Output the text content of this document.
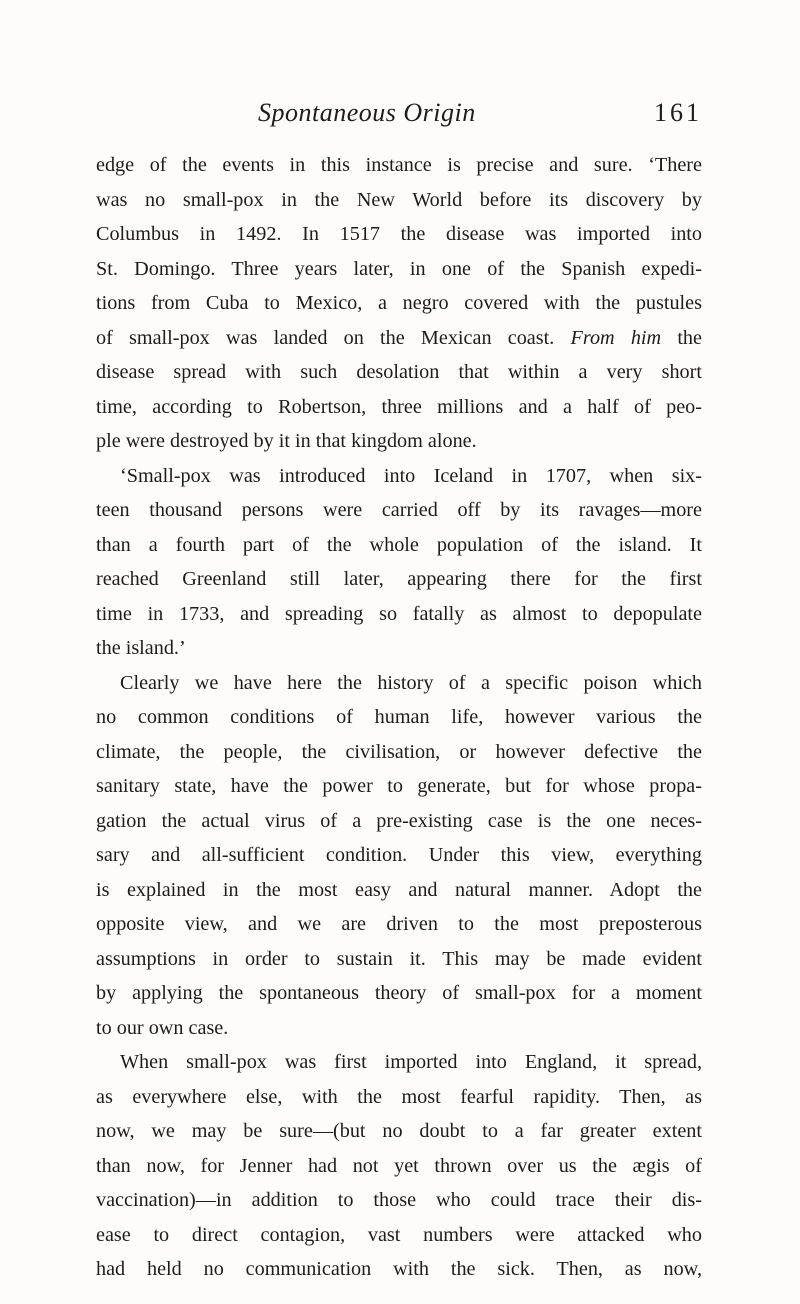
Spontaneous Origin	161
edge of the events in this instance is precise and sure. ‘There
was no small-pox in the New World before its discovery by
Columbus in 1492. In 1517 the disease was imported into
St. Domingo. Three years later, in one of the Spanish expedi-
tions from Cuba to Mexico, a negro covered with the pustules
of small-pox was landed on the Mexican coast. From him the
disease spread with such desolation that within a very short
time, according to Robertson, three millions and a half of peo-
ple were destroyed by it in that kingdom alone.
‘Small-pox was introduced into Iceland in 1707, when six-
teen thousand persons were carried off by its ravages—more
than a fourth part of the whole population of the island. It
reached Greenland still later, appearing there for the first
time in 1733, and spreading so fatally as almost to depopulate
the island.’
Clearly we have here the history of a specific poison which
no common conditions of human life, however various the
climate, the people, the civilisation, or however defective the
sanitary state, have the power to generate, but for whose propa-
gation the actual virus of a pre-existing case is the one neces-
sary and all-sufficient condition. Under this view, everything
is explained in the most easy and natural manner. Adopt the
opposite view, and we are driven to the most preposterous
assumptions in order to sustain it. This may be made evident
by applying the spontaneous theory of small-pox for a moment
to our own case.
When small-pox was first imported into England, it spread,
as everywhere else, with the most fearful rapidity. Then, as
now, we may be sure—(but no doubt to a far greater extent
than now, for Jenner had not yet thrown over us the ægis of
vaccination)—in addition to those who could trace their dis-
ease to direct contagion, vast numbers were attacked who
had held no communication with the sick. Then, as now,
